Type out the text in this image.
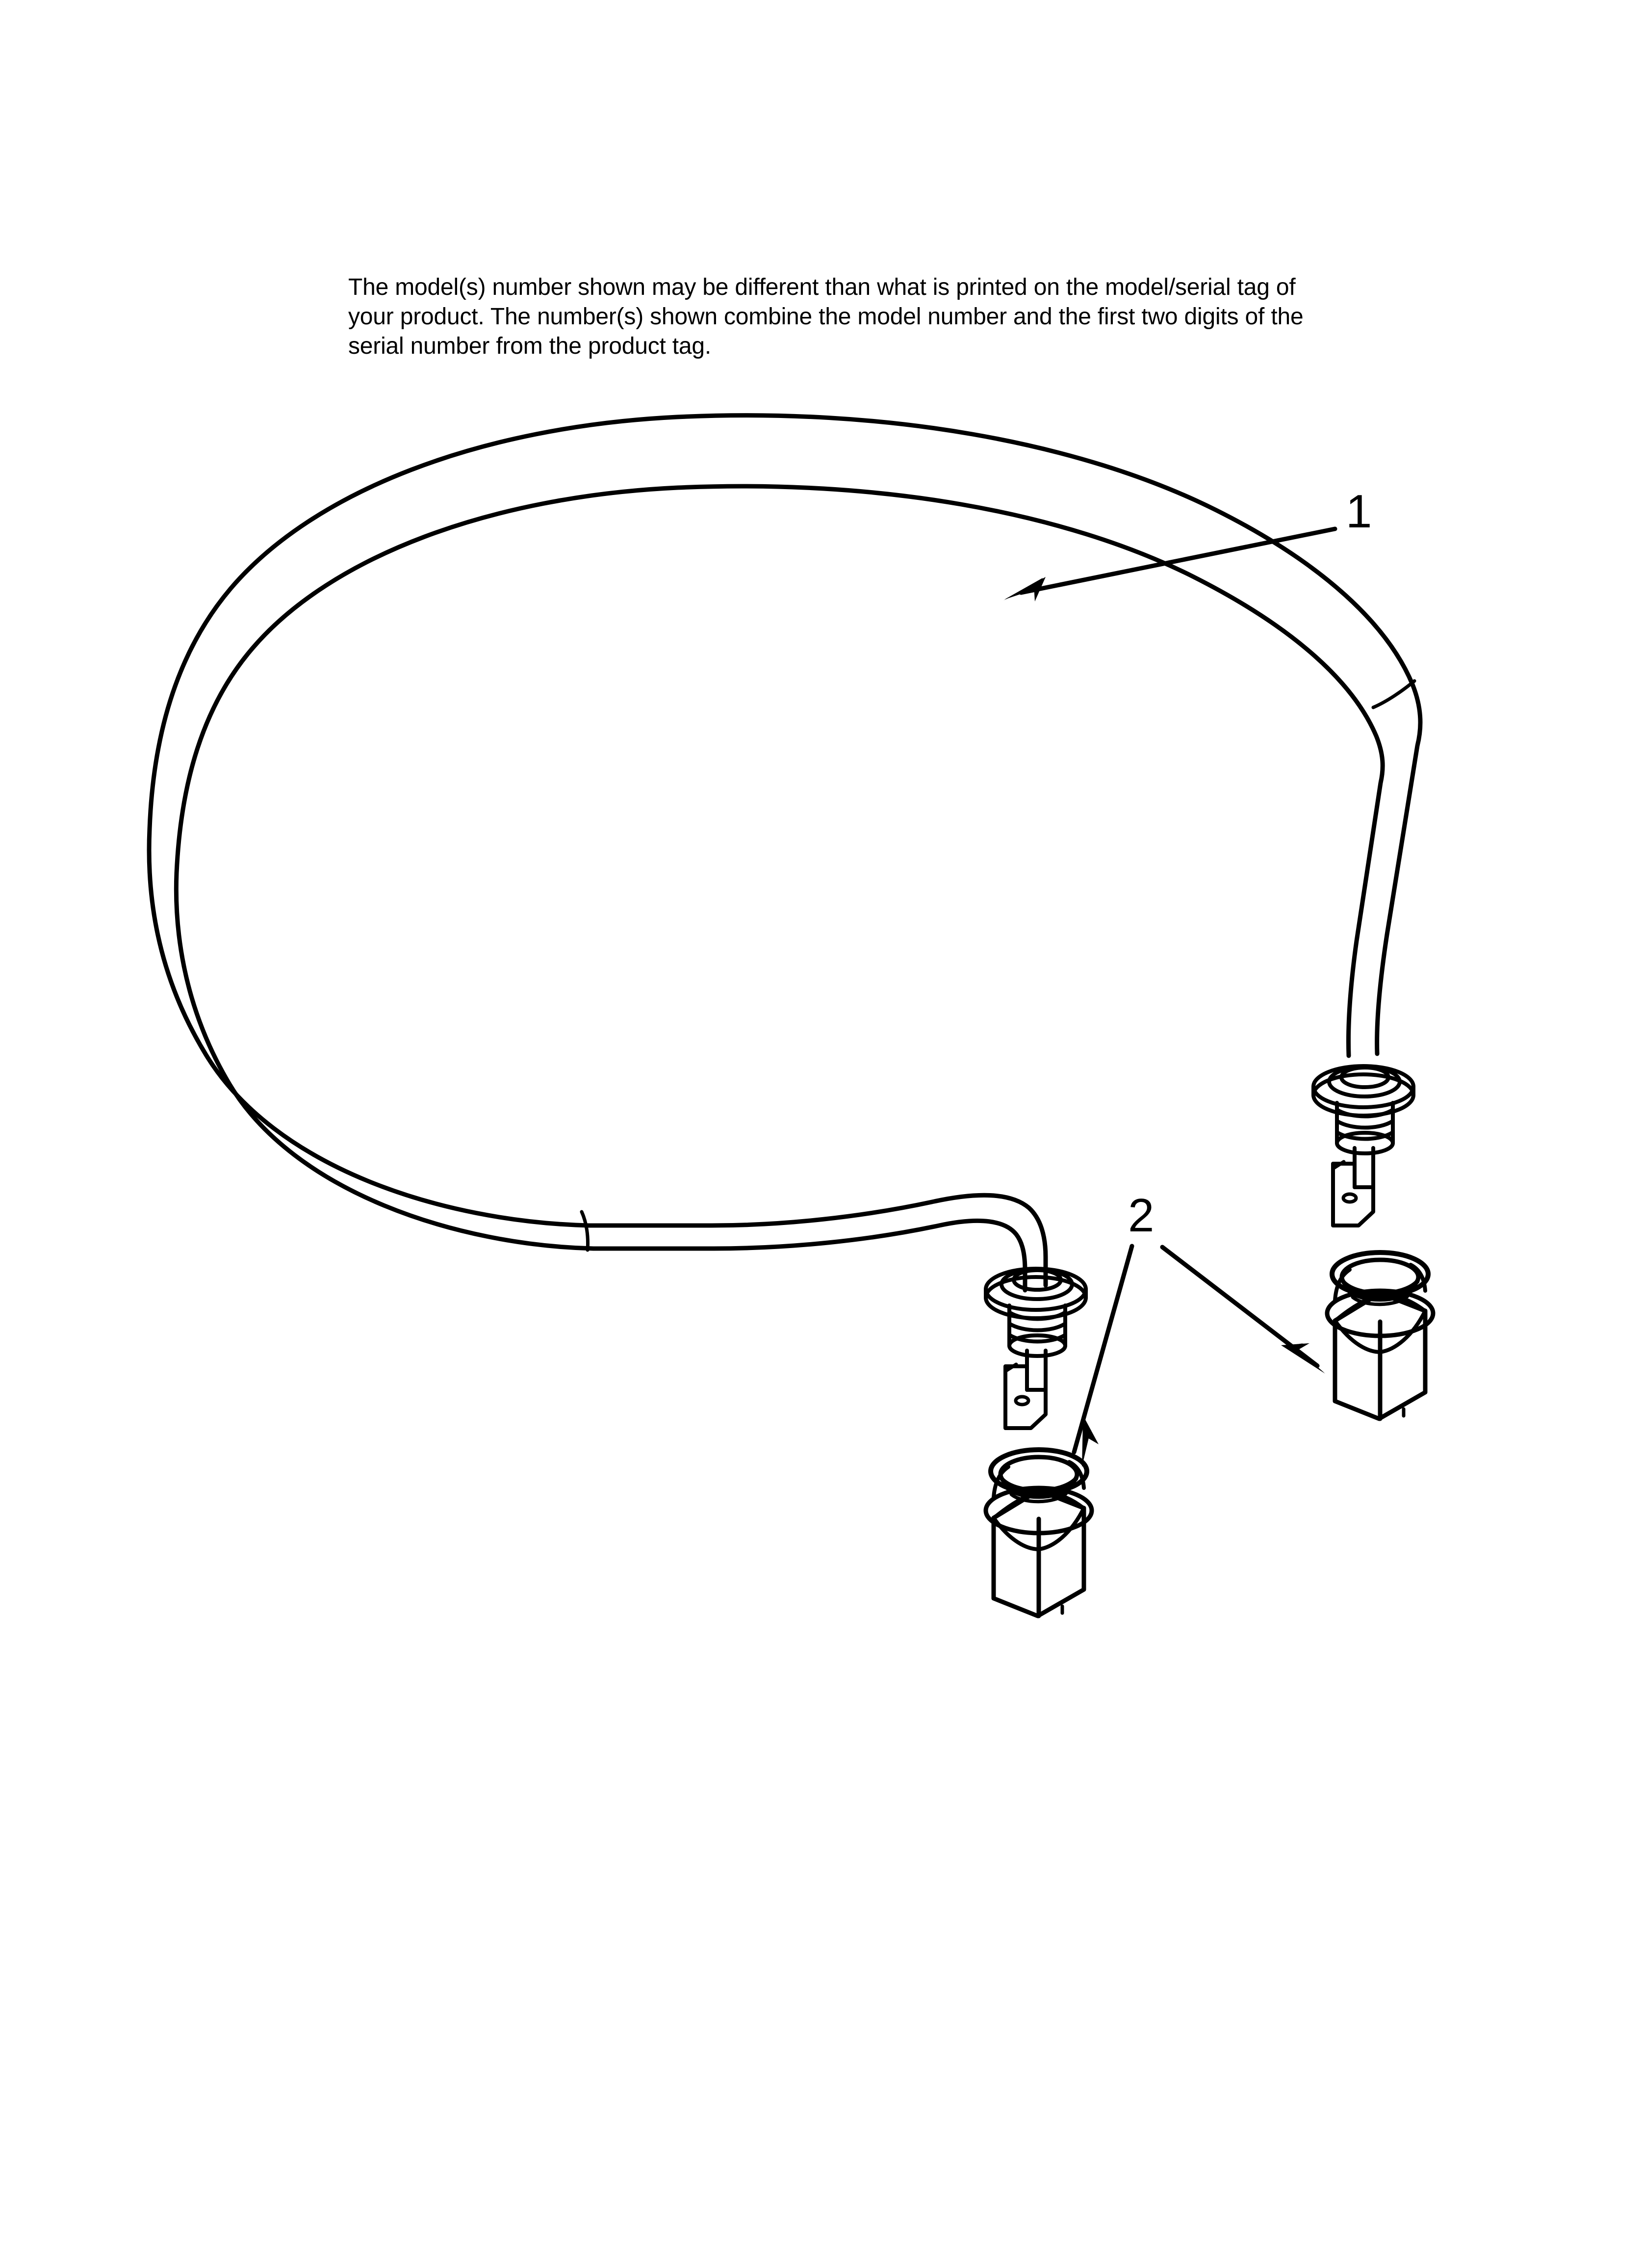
The model(s) number shown may be different than what is printed on the model/serial tag of your product. The number(s) shown combine the model number and the first two digits of the serial number from the product tag.
1
2
